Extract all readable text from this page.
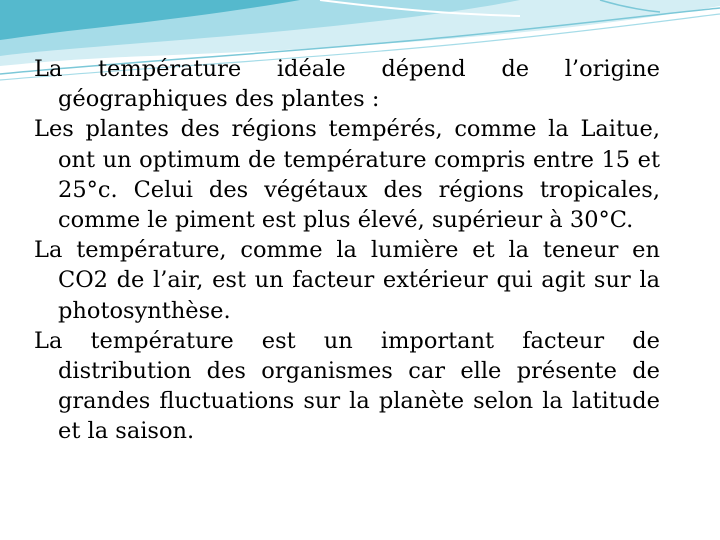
La température idéale dépend de l’origine géographiques des plantes :

Les plantes des régions tempérés, comme la Laitue, ont un optimum de température compris entre 15 et 25°c. Celui des végétaux des régions tropicales, comme le piment est plus élevé, supérieur à 30°C.

La température, comme la lumière et la teneur en CO2 de l’air, est un facteur extérieur qui agit sur la photosynthèse.

La température est un important facteur de distribution des organismes car elle présente de grandes fluctuations sur la planète selon la latitude et la saison.
